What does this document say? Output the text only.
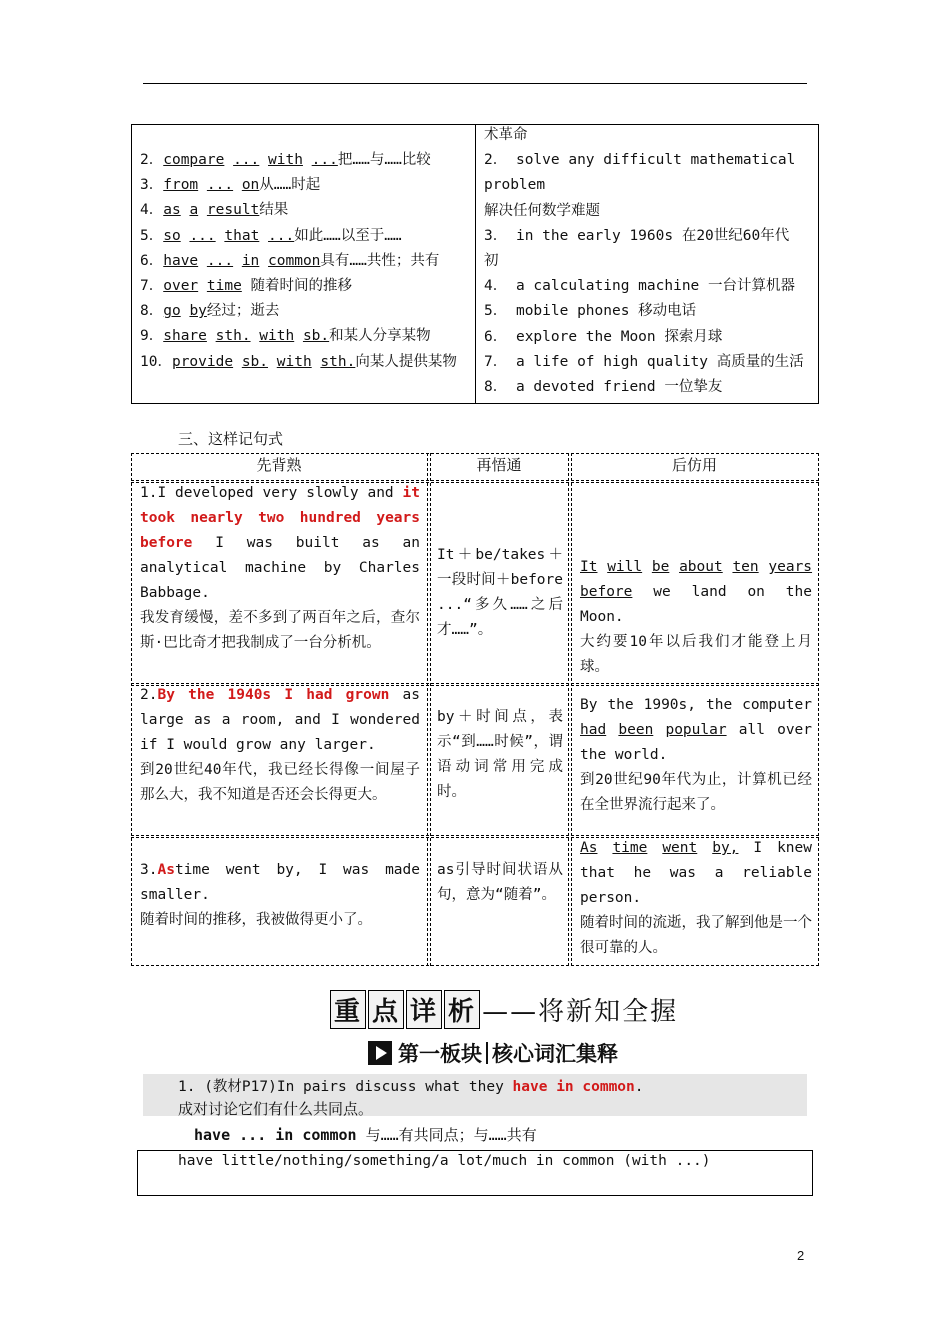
2．compare ... with ...把……与……比较
3．from ... on从……时起
4．as a result结果
5．so ... that ...如此……以至于……
6．have ... in common具有……共性；共有
7．over time 随着时间的推移
8．go by经过；逝去
9．share sth. with sb.和某人分享某物
10．provide sb. with sth.向某人提供某物
术革命
2． solve any difficult mathematical
problem
解决任何数学难题
3． in the early 1960s 在20世纪60年代
初
4． a calculating machine 一台计算机器
5． mobile phones 移动电话
6． explore the Moon 探索月球
7． a life of high quality 高质量的生活
8． a devoted friend 一位挚友
三、这样记句式
先背熟	再悟通	后仿用
1.I developed very slowly and it took nearly two hundred years before I was built as an analytical machine by Charles Babbage.
我发育缓慢，差不多到了两百年之后，查尔斯·巴比奇才把我制成了一台分析机。
It＋be/takes＋一段时间＋before ...“多久……之后才……”。
It will be about ten years before we land on the Moon.
大约要10年以后我们才能登上月球。
2.By the 1940s I had grown as large as a room, and I wondered if I would grow any larger.
到20世纪40年代，我已经长得像一间屋子那么大，我不知道是否还会长得更大。
by＋时间点，表示“到……时候”，谓语动词常用完成时。
By the 1990s, the computer had been popular all over the world.
到20世纪90年代为止，计算机已经在全世界流行起来了。
3.Astime went by, I was made smaller.
随着时间的推移，我被做得更小了。
as引导时间状语从句，意为“随着”。
As time went by, I knew that he was a reliable person.
随着时间的流逝，我了解到他是一个很可靠的人。
重 点 详 析 ——将新知全握
第一板块 核心词汇集释
1. (教材P17)In pairs discuss what they have in common.
成对讨论它们有什么共同点。
have ... in common 与……有共同点；与……共有
have little/nothing/something/a lot/much in common (with ...)
2
